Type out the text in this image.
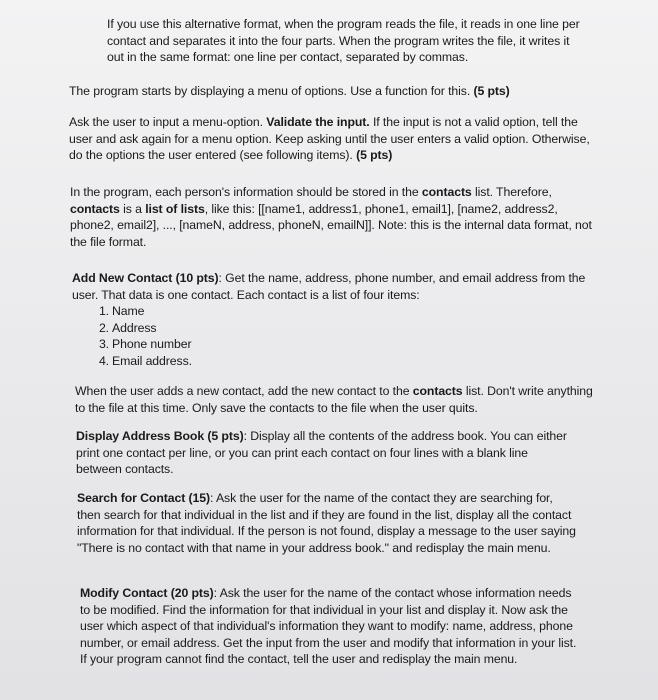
If you use this alternative format, when the program reads the file, it reads in one line per contact and separates it into the four parts. When the program writes the file, it writes it out in the same format: one line per contact, separated by commas.

The program starts by displaying a menu of options. Use a function for this. (5 pts)

Ask the user to input a menu-option. Validate the input. If the input is not a valid option, tell the user and ask again for a menu option. Keep asking until the user enters a valid option. Otherwise, do the options the user entered (see following items). (5 pts)

In the program, each person's information should be stored in the contacts list. Therefore, contacts is a list of lists, like this: [[name1, address1, phone1, email1], [name2, address2, phone2, email2], ..., [nameN, address, phoneN, emailN]]. Note: this is the internal data format, not the file format.

Add New Contact (10 pts): Get the name, address, phone number, and email address from the user. That data is one contact. Each contact is a list of four items:

1. Name
2. Address
3. Phone number
4. Email address.

When the user adds a new contact, add the new contact to the contacts list. Don't write anything to the file at this time. Only save the contacts to the file when the user quits.

Display Address Book (5 pts): Display all the contents of the address book. You can either print one contact per line, or you can print each contact on four lines with a blank line between contacts.

Search for Contact (15): Ask the user for the name of the contact they are searching for, then search for that individual in the list and if they are found in the list, display all the contact information for that individual. If the person is not found, display a message to the user saying "There is no contact with that name in your address book." and redisplay the main menu.

Modify Contact (20 pts): Ask the user for the name of the contact whose information needs to be modified. Find the information for that individual in your list and display it. Now ask the user which aspect of that individual's information they want to modify: name, address, phone number, or email address. Get the input from the user and modify that information in your list. If your program cannot find the contact, tell the user and redisplay the main menu.
